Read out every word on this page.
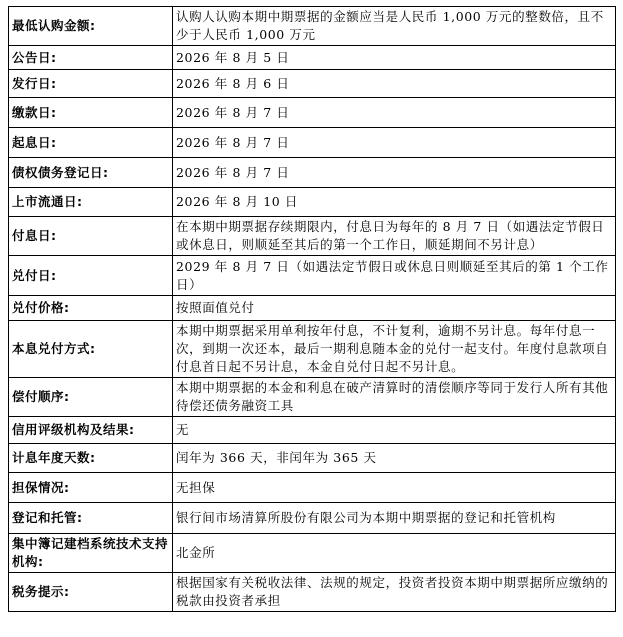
最低认购金额:	认购人认购本期中期票据的金额应当是人民币 1,000 万元的整数倍，且不少于人民币 1,000 万元
公告日:	2026 年 8 月 5 日
发行日:	2026 年 8 月 6 日
缴款日:	2026 年 8 月 7 日
起息日:	2026 年 8 月 7 日
债权债务登记日:	2026 年 8 月 7 日
上市流通日:	2026 年 8 月 10 日
付息日:	在本期中期票据存续期限内，付息日为每年的 8 月 7 日（如遇法定节假日或休息日，则顺延至其后的第一个工作日，顺延期间不另计息）
兑付日:	2029 年 8 月 7 日（如遇法定节假日或休息日则顺延至其后的第 1 个工作日）
兑付价格:	按照面值兑付
本息兑付方式:	本期中期票据采用单利按年付息，不计复利，逾期不另计息。每年付息一次，到期一次还本，最后一期利息随本金的兑付一起支付。年度付息款项自付息首日起不另计息，本金自兑付日起不另计息。
偿付顺序:	本期中期票据的本金和利息在破产清算时的清偿顺序等同于发行人所有其他待偿还债务融资工具
信用评级机构及结果:	无
计息年度天数:	闰年为 366 天，非闰年为 365 天
担保情况:	无担保
登记和托管:	银行间市场清算所股份有限公司为本期中期票据的登记和托管机构
集中簿记建档系统技术支持机构:	北金所
税务提示:	根据国家有关税收法律、法规的规定，投资者投资本期中期票据所应缴纳的税款由投资者承担
